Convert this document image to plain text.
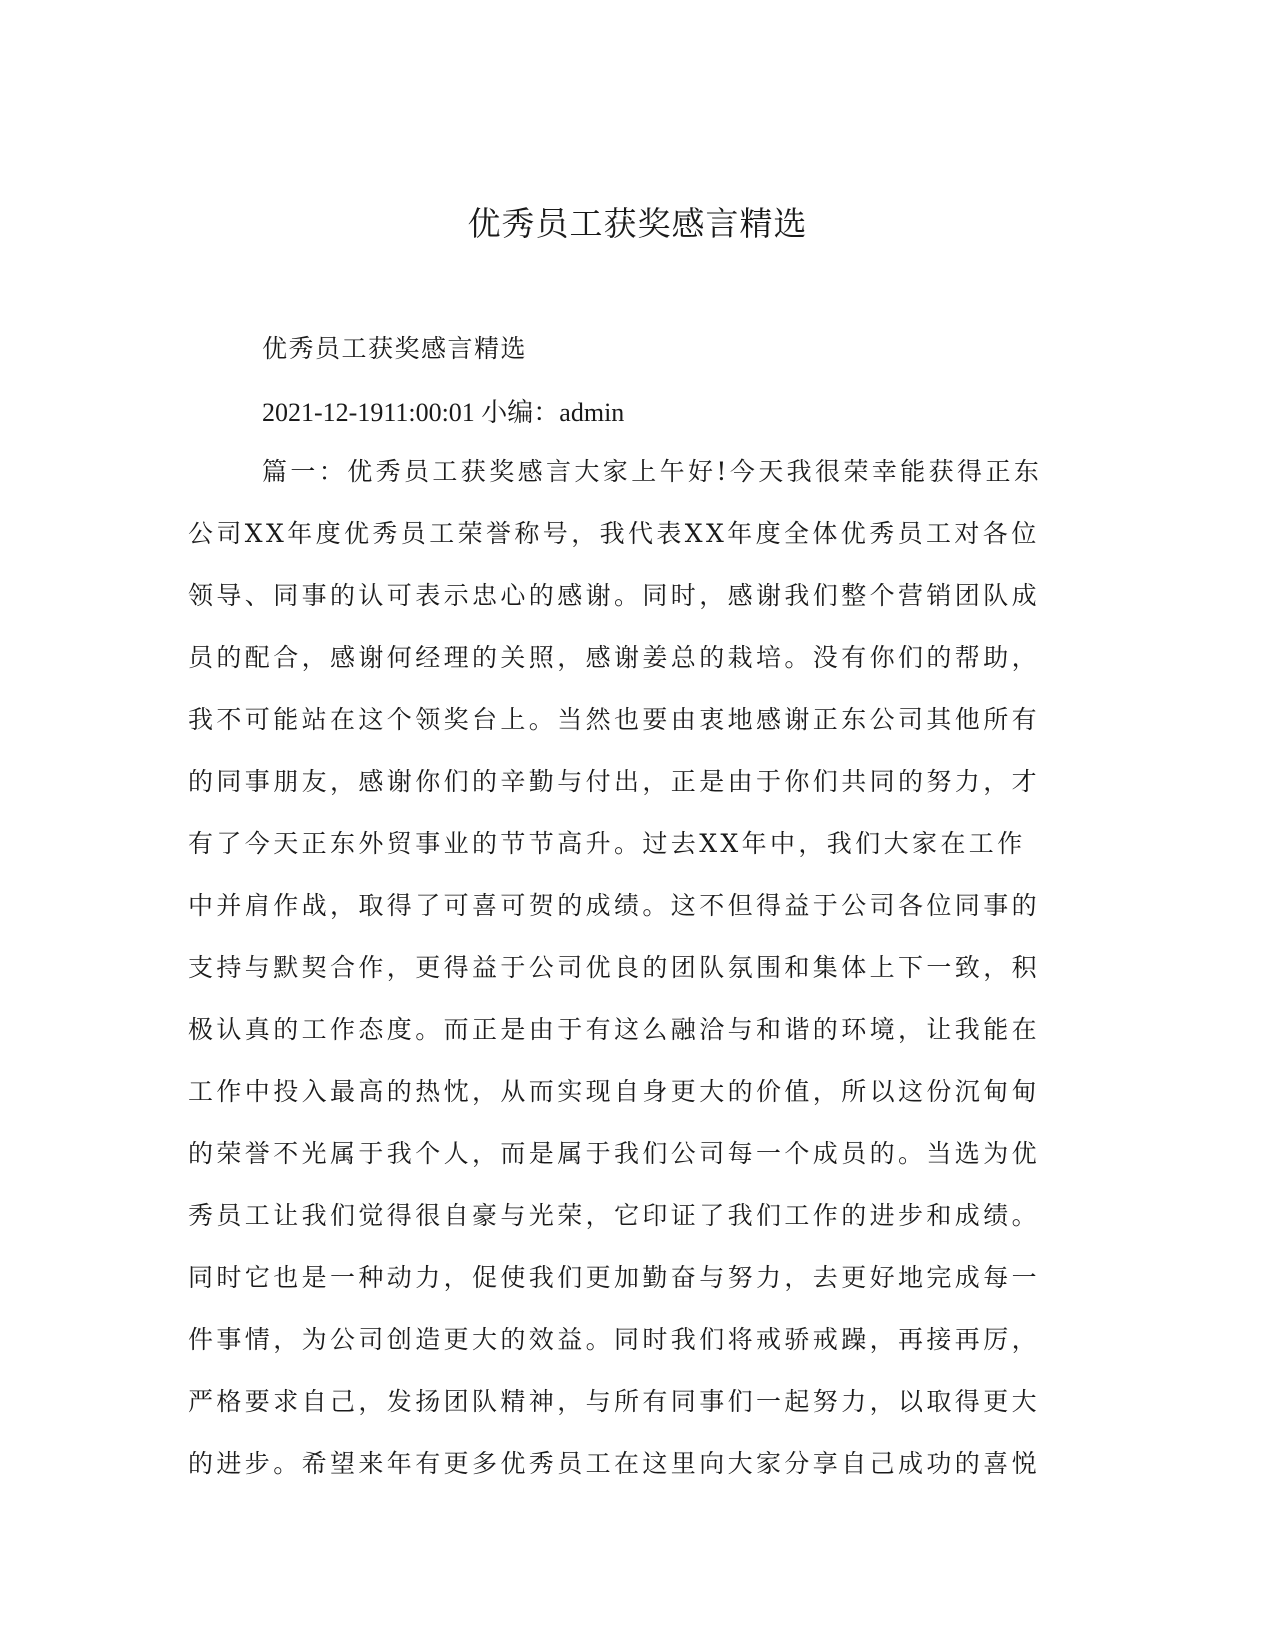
优秀员工获奖感言精选
优秀员工获奖感言精选
2021-12-1911:00:01 小编：admin
篇一：优秀员工获奖感言大家上午好!今天我很荣幸能获得正东
公司XX年度优秀员工荣誉称号，我代表XX年度全体优秀员工对各位
领导、同事的认可表示忠心的感谢。同时，感谢我们整个营销团队成
员的配合，感谢何经理的关照，感谢姜总的栽培。没有你们的帮助，
我不可能站在这个领奖台上。当然也要由衷地感谢正东公司其他所有
的同事朋友，感谢你们的辛勤与付出，正是由于你们共同的努力，才
有了今天正东外贸事业的节节高升。过去XX年中，我们大家在工作
中并肩作战，取得了可喜可贺的成绩。这不但得益于公司各位同事的
支持与默契合作，更得益于公司优良的团队氛围和集体上下一致，积
极认真的工作态度。而正是由于有这么融洽与和谐的环境，让我能在
工作中投入最高的热忱，从而实现自身更大的价值，所以这份沉甸甸
的荣誉不光属于我个人，而是属于我们公司每一个成员的。当选为优
秀员工让我们觉得很自豪与光荣，它印证了我们工作的进步和成绩。
同时它也是一种动力，促使我们更加勤奋与努力，去更好地完成每一
件事情，为公司创造更大的效益。同时我们将戒骄戒躁，再接再厉，
严格要求自己，发扬团队精神，与所有同事们一起努力，以取得更大
的进步。希望来年有更多优秀员工在这里向大家分享自己成功的喜悦
